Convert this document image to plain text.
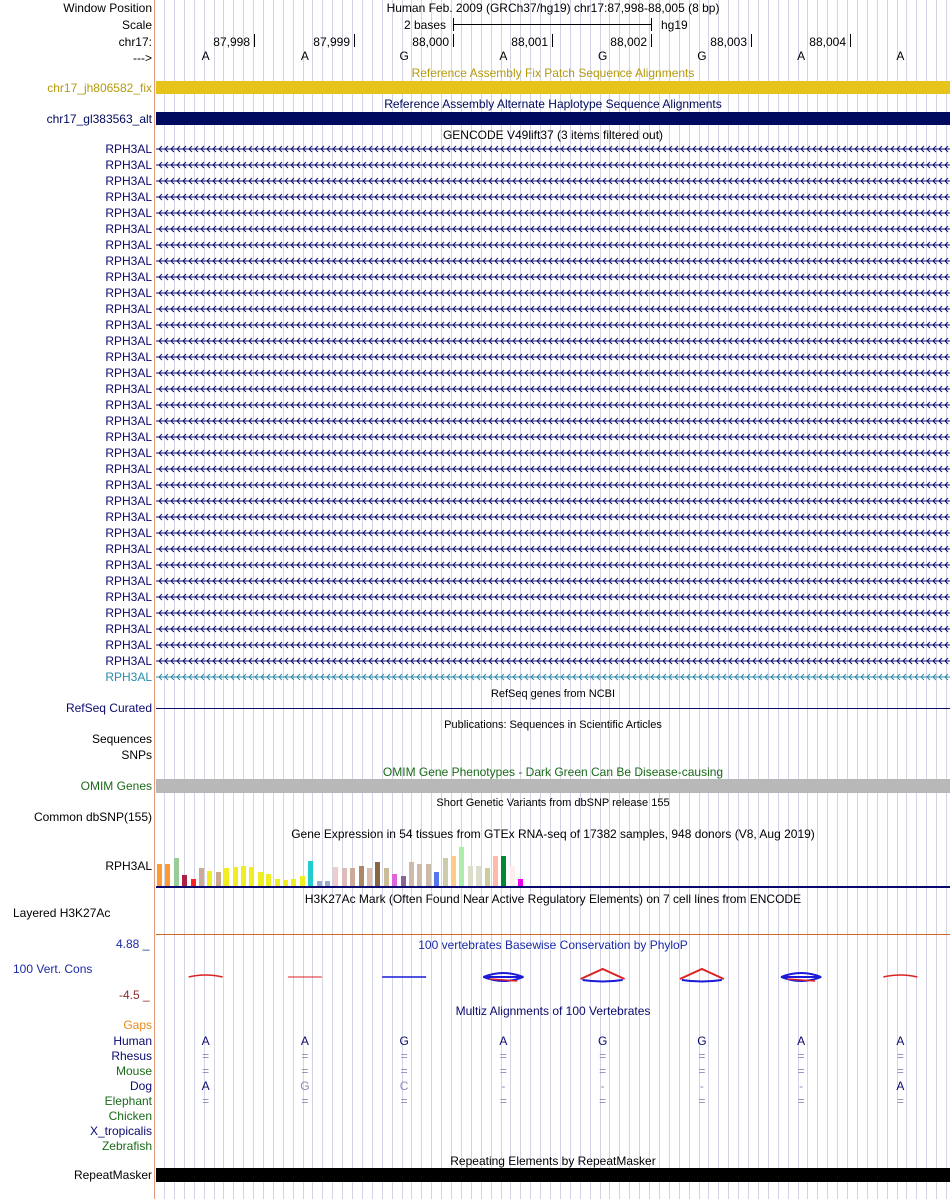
Window Position	Human Feb. 2009 (GRCh37/hg19) chr17:87,998-88,005 (8 bp)
Scale	2 bases	hg19
chr17:	87,998	87,999	88,000	88,001	88,002	88,003	88,004
--->	A	A	G	A	G	G	A	A
Reference Assembly Fix Patch Sequence Alignments
chr17_jh806582_fix
Reference Assembly Alternate Haplotype Sequence Alignments
chr17_gl383563_alt
GENCODE V49lift37 (3 items filtered out)
RPH3AL
RPH3AL
RPH3AL
RPH3AL
RPH3AL
RPH3AL
RPH3AL
RPH3AL
RPH3AL
RPH3AL
RPH3AL
RPH3AL
RPH3AL
RPH3AL
RPH3AL
RPH3AL
RPH3AL
RPH3AL
RPH3AL
RPH3AL
RPH3AL
RPH3AL
RPH3AL
RPH3AL
RPH3AL
RPH3AL
RPH3AL
RPH3AL
RPH3AL
RPH3AL
RPH3AL
RPH3AL
RPH3AL
RPH3AL
RefSeq genes from NCBI
RefSeq Curated
Publications: Sequences in Scientific Articles
Sequences
SNPs
OMIM Gene Phenotypes - Dark Green Can Be Disease-causing
OMIM Genes
Short Genetic Variants from dbSNP release 155
Common dbSNP(155)
Gene Expression in 54 tissues from GTEx RNA-seq of 17382 samples, 948 donors (V8, Aug 2019)
RPH3AL
H3K27Ac Mark (Often Found Near Active Regulatory Elements) on 7 cell lines from ENCODE
Layered H3K27Ac
4.88 _	100 vertebrates Basewise Conservation by PhyloP
100 Vert. Cons
-4.5 _
Multiz Alignments of 100 Vertebrates
Gaps
Human	A	A	G	A	G	G	A	A
Rhesus	=	=	=	=	=	=	=	=
Mouse	=	=	=	=	=	=	=	=
Dog	A	G	C	-	-	-	-	A
Elephant	=	=	=	=	=	=	=	=
Chicken
X_tropicalis
Zebrafish
Repeating Elements by RepeatMasker
RepeatMasker
